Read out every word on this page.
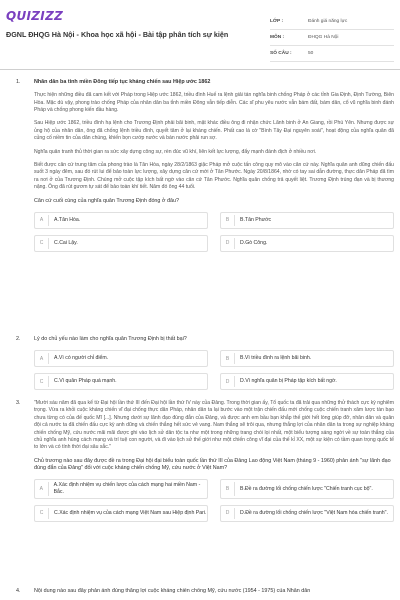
QUIZIZZ
ĐGNL ĐHQG Hà Nội - Khoa học xã hội - Bài tập phân tích sự kiện
LỚP :	Đánh giá năng lực
MÔN :	ĐHQG Hà Nội
SỐ CÂU :	50
1.	Nhân dân ba tỉnh miền Đông tiếp tục kháng chiến sau Hiệp ước 1862
Thực hiện những điều đã cam kết với Pháp trong Hiệp ước 1862, triều đình Huế ra lệnh giải tán nghĩa binh chống Pháp ở các tỉnh Gia Định, Định Tường, Biên Hòa. Mặc dù vậy, phong trào chống Pháp của nhân dân ba tỉnh miền Đông vẫn tiếp diễn. Các sĩ phu yêu nước vẫn bám đất, bám dân, cổ vũ nghĩa binh đánh Pháp và chống phong kiến đầu hàng.
Sau Hiệp ước 1862, triều đình hạ lệnh cho Trương Định phải bãi binh, mặt khác điều ông đi nhận chức Lãnh binh ở An Giang, rồi Phú Yên. Nhưng được sự ủng hộ của nhân dân, ông đã chống lệnh triều đình, quyết tâm ở lại kháng chiến. Phất cao lá cờ "Bình Tây Đại nguyên soái", hoạt động của nghĩa quân đã củng cố niềm tin của dân chúng, khiến bọn cướp nước và bán nước phải run sợ.
Nghĩa quân tranh thủ thời gian ra sức xây dựng công sự, rèn đúc vũ khí, liên kết lực lượng, đẩy mạnh đánh địch ở nhiều nơi.
Biết được căn cứ trung tâm của phong trào là Tân Hòa, ngày 28/2/1863 giặc Pháp mở cuộc tấn công quy mô vào căn cứ này. Nghĩa quân anh dũng chiến đấu suốt 3 ngày đêm, sau đó rút lui để bảo toàn lực lượng, xây dựng căn cứ mới ở Tân Phước. Ngày 20/8/1864, nhờ có tay sai dẫn đường, thực dân Pháp đã tìm ra nơi ở của Trương Định. Chúng mở cuộc tập kích bất ngờ vào căn cứ Tân Phước. Nghĩa quân chống trả quyết liệt. Trương Định trúng đạn và bị thương nặng. Ông đã rút gươm tự sát để bảo toàn khí tiết. Năm đó ông 44 tuổi.
Căn cứ cuối cùng của nghĩa quân Trương Định đóng ở đâu?
A	A.Tân Hòa.	B	B.Tân Phước
C	C.Cai Lậy.	D	D.Gò Công.
2.	Lý do chủ yếu nào làm cho nghĩa quân Trương Định bị thất bại?
A	A.Vì có người chỉ điểm.	B	B.Vì triều đình ra lệnh bãi binh.
C	C.Vì quân Pháp quá mạnh.	D	D.Vì nghĩa quân bị Pháp tập kích bất ngờ.
3.	"Mười sáu năm đã qua kể từ Đại hội lần thứ III đến Đại hội lần thứ IV này của Đảng. Trong thời gian ấy, Tổ quốc ta đã trải qua những thử thách cực kỳ nghiêm trọng. Vừa ra khỏi cuộc kháng chiến vĩ đại chống thực dân Pháp, nhân dân ta lại bước vào một trận chiến đấu mới chống cuộc chiến tranh xâm lược tàn bạo chưa từng có của đế quốc Mĩ [...]. Nhưng dưới sự lãnh đạo đúng đắn của Đảng, và được anh em bầu bạn khắp thế giới hết lòng giúp đỡ, nhân dân và quân đội cả nước ta đã chiến đấu cực kỳ anh dũng và chiến thắng hết sức vẻ vang. Nam thắng sẽ trôi qua, nhưng thắng lợi của nhân dân ta trong sự nghiệp kháng chiến chống Mỹ, cứu nước mãi mãi được ghi vào lịch sử dân tộc ta như một trong những trang chói lọi nhất, một biểu tượng sáng ngời về sự toàn thắng của chủ nghĩa anh hùng cách mạng và trí tuệ con người, và đi vào lịch sử thế giới như một chiến công vĩ đại của thế kỉ XX, một sự kiện có tầm quan trọng quốc tế to lớn và có tính thời đại sâu sắc."
Chủ trương nào sau đây được đề ra trong Đại hội đại biểu toàn quốc lần thứ III của Đảng Lao động Việt Nam (tháng 9 - 1960) phản ánh "sự lãnh đạo đúng đắn của Đảng" đối với cuộc kháng chiến chống Mỹ, cứu nước ở Việt Nam?
A
A.Xác định nhiệm vụ chiến lược của cách mạng hai miền Nam - Bắc.	B	B.Đề ra đường lối chống chiến lược "Chiến tranh cục bộ".
C	C.Xác định nhiệm vụ của cách mạng Việt Nam sau Hiệp định Pari.	D	D.Đề ra đường lối chống chiến lược "Việt Nam hóa chiến tranh".
4.	Nội dung nào sau đây phản ánh đúng thắng lợi cuộc kháng chiến chống Mỹ, cứu nước (1954 - 1975) của Nhân dân
